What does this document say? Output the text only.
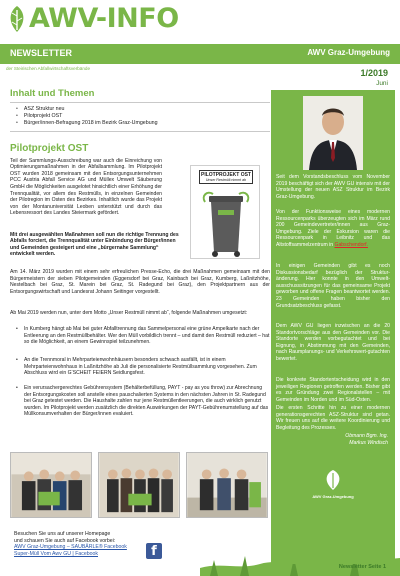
AWV-INFO
NEWSLETTER	AWV Graz-Umgebung
der Steirischen Abfallwirtschaftsverbände	1/2019
Juni
Inhalt und Themen
• ASZ Struktur neu
• Pilotprojekt OST
• Bürger/innen-Befragung 2018 im Bezirk Graz-Umgebung
Pilotprojekt OST
Teil der Sammlungs-Ausschreibung war auch die Einreichung von Optimierungsmaßnahmen in der Abfallsammlung. Im Pilotprojekt OST wurden 2018 gemeinsam mit den Entsorgungsunternehmen PCC Austria Abfall Service AG und Müllex Umwelt Säuberung GmbH die Möglichkeiten ausgelotet hinsichtlich einer Erhöhung der Trennqualität, vor allem des Restmülls, in einzelnen Gemeinden der Pilotregion im Osten des Bezirkes. Inhaltlich wurde das Projekt von der Montanuniversität Leoben unterstützt und durch das Lebensressort des Landes Steiermark gefördert.
Mit drei ausgewählten Maßnahmen soll nun die richtige Trennung des Abfalls forciert, die Trennqualität unter Einbindung der Bürger/innen und Gemeinden gesteigert und eine „bürgernahe Sammlung“ entwickelt werden.
PILOTPROJEKT OST
Unser Restmüll nimmt ab
Am 14. März 2019 wurden mit einem sehr erfreulichen Presse-Echo, die drei Maßnahmen gemeinsam mit den Bürgermeistern der sieben Pilotgemeinden (Eggersdorf bei Graz, Kainbach bei Graz, Kumberg, Laßnitzhöhe, Nestelbach bei Graz, St. Marein bei Graz, St. Radegund bei Graz), den Projektpartnern aus der Entsorgungswirtschaft und Landesrat Johann Seitinger vorgestellt.
Ab Mai 2019 werden nun, unter dem Motto „Unser Restmüll nimmt ab“, folgende Maßnahmen umgesetzt:
• In Kumberg hängt ab Mai bei guter Abfalltrennung das Sammelpersonal eine grüne Ampelkarte nach der Entleerung an den Restmüllbehälter. Wer den Müll vorbildlich trennt – und damit den Restmüll reduziert – hat so die Möglichkeit, an einem Gewinnspiel teilzunehmen.
• An die Trennmoral in Mehrparteienwohnhäusern besonders schwach ausfällt, ist in einem Mehrparteienwohnhaus in Laßnitzhöhe ab Juli die personalisierte Restmüllsammlung vorgesehen. Zum Abschluss wird ein G‘SCHEIT FEIERN Seidlungsfest.
• Ein verursachergerechtes Gebührensystem (Behälterbefüllung, PAYT - pay as you throw) zur Abrechnung der Entsorgungskosten soll anstelle eines pauschalierten Systems in den nächsten Jahren in St. Radegund bei Graz getestet werden. Die Haushalte zahlen nur jene Restmüllentleerungen, die auch wirklich genutzt wurden. Im Pilotprojekt werden zusätzlich die direkten Auswirkungen der PAYT-Gebührenumstellung auf das Müllkonsumverhalten der Bürger/innen evaluiert.
Besuchen Sie uns auf unserer Homepage
und schauen Sie auch auf Facebook vorbei:
AWV Graz-Umgebung – SAUBÄRLE® Facebook
Super-Müll Vom Awv GU | Facebook	f
Newsletter Seite 1
Seit dem Vorstandsbeschluss vom November 2019 beschäftigt sich der AWV GU intensiv mit der Umstellung der neuen ASZ Struktur im Bezirk Graz-Umgebung.
Von der Funktionsweise eines modernen Ressourcenparks überzeugten sich im März rund 200 Gemeindevertreter/innen aus Graz-Umgebung. Ziele der Exkursion waren die Ressourcenpark in Leibnitz und das Altstoffsammelzentrum in Gabschendorf.
In einigen Gemeinden gibt es noch Diskussionsbedarf bezüglich der Struktur-änderung. Hier konnte in den Umwelt-ausschusssitzungen für das gemeinsame Projekt geworben und offene Fragen beantwortet werden. 23 Gemeinden haben bisher den Grundsatzbeschluss gefasst.
Dem AWV GU liegen inzwischen an die 20 Standortvorschläge aus den Gemeinden vor. Die Standorte werden vorbegutachtet und bei Eignung, in Abstimmung mit den Gemeinden, nach Raumplanungs- und Verkehrswert-gutachten bewertet.
Die konkrete Standortentscheidung wird in den jeweiligen Regionen getroffen werden. Bisher gibt es zur Gründung zwei Regionalstellen – mit Gemeinden im Norden und im Süd-Osten.
Die ersten Schritte hin zu einer modernen generationsgerechten ASZ-Struktur sind getan. Wir freuen uns auf die weitere Koordinierung und Begleitung des Prozesses.
Obmann Bgm. Ing.
Markus Windisch
AWV Graz-Umgebung
